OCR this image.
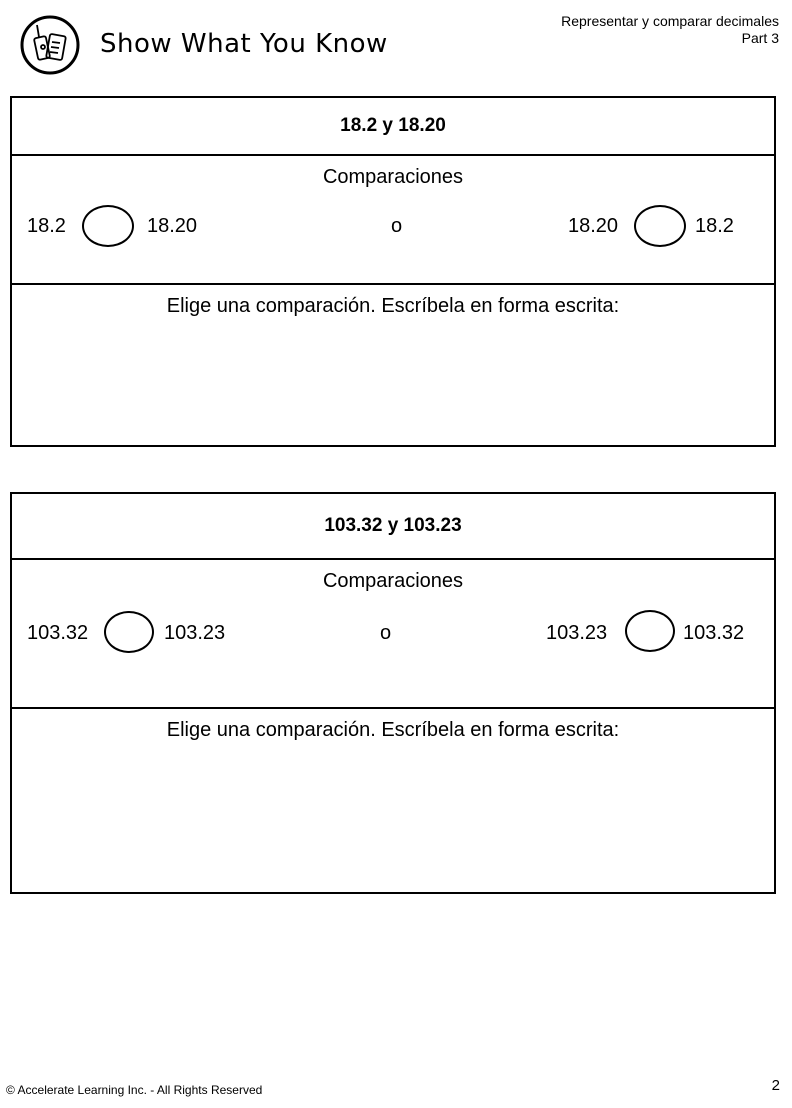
Show What You Know
Representar y comparar decimales
Part 3
18.2 y 18.20
Comparaciones
18.2	18.20	o	18.20	18.2
Elige una comparación. Escríbela en forma escrita:
103.32 y 103.23
Comparaciones
103.32	103.23	o	103.23	103.32
Elige una comparación. Escríbela en forma escrita:
© Accelerate Learning Inc. - All Rights Reserved	2
